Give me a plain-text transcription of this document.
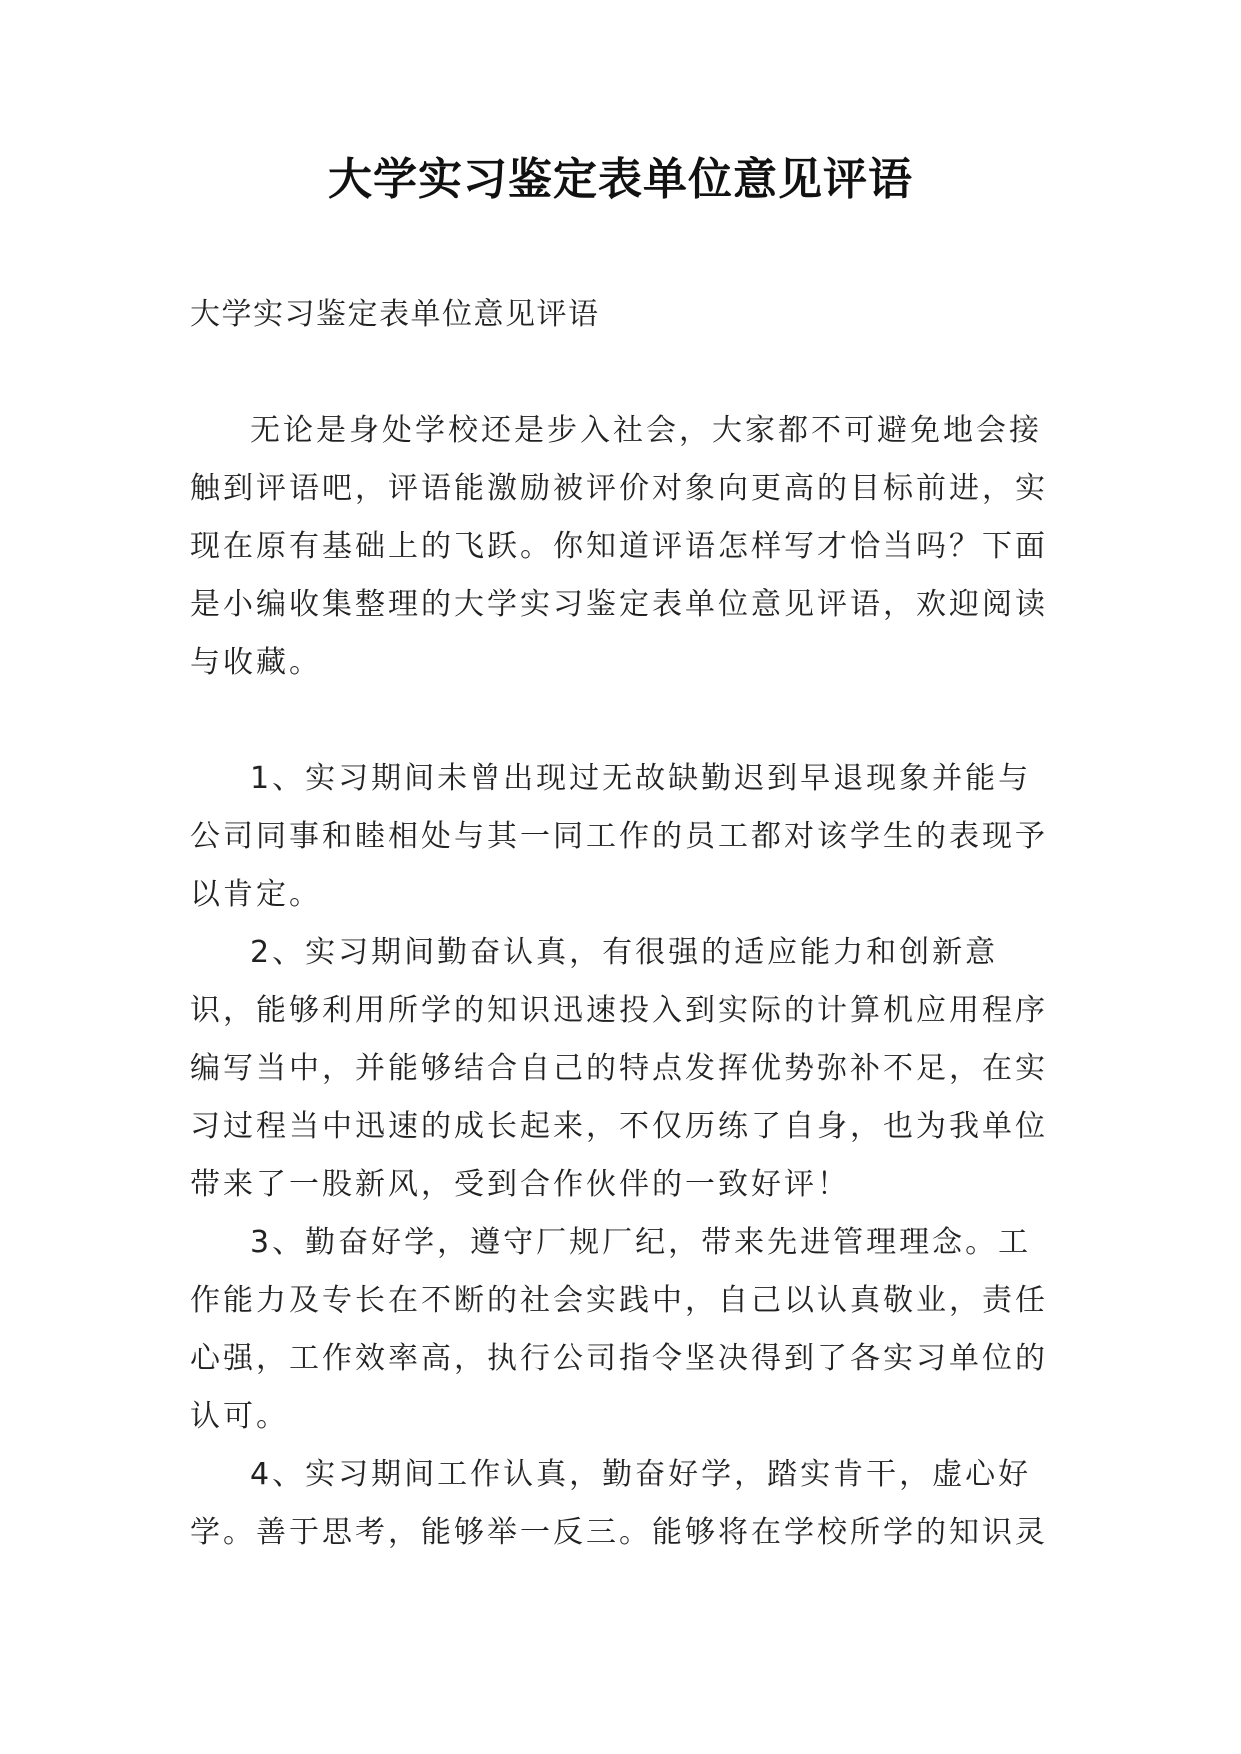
大学实习鉴定表单位意见评语

大学实习鉴定表单位意见评语

无论是身处学校还是步入社会，大家都不可避免地会接触到评语吧，评语能激励被评价对象向更高的目标前进，实现在原有基础上的飞跃。你知道评语怎样写才恰当吗？下面是小编收集整理的大学实习鉴定表单位意见评语，欢迎阅读与收藏。

1、实习期间未曾出现过无故缺勤迟到早退现象并能与公司同事和睦相处与其一同工作的员工都对该学生的表现予以肯定。

2、实习期间勤奋认真，有很强的适应能力和创新意识，能够利用所学的知识迅速投入到实际的计算机应用程序编写当中，并能够结合自己的特点发挥优势弥补不足，在实习过程当中迅速的成长起来，不仅历练了自身，也为我单位带来了一股新风，受到合作伙伴的一致好评！

3、勤奋好学，遵守厂规厂纪，带来先进管理理念。工作能力及专长在不断的社会实践中，自己以认真敬业，责任心强，工作效率高，执行公司指令坚决得到了各实习单位的认可。

4、实习期间工作认真，勤奋好学，踏实肯干，虚心好学。善于思考，能够举一反三。能够将在学校所学的知识灵
